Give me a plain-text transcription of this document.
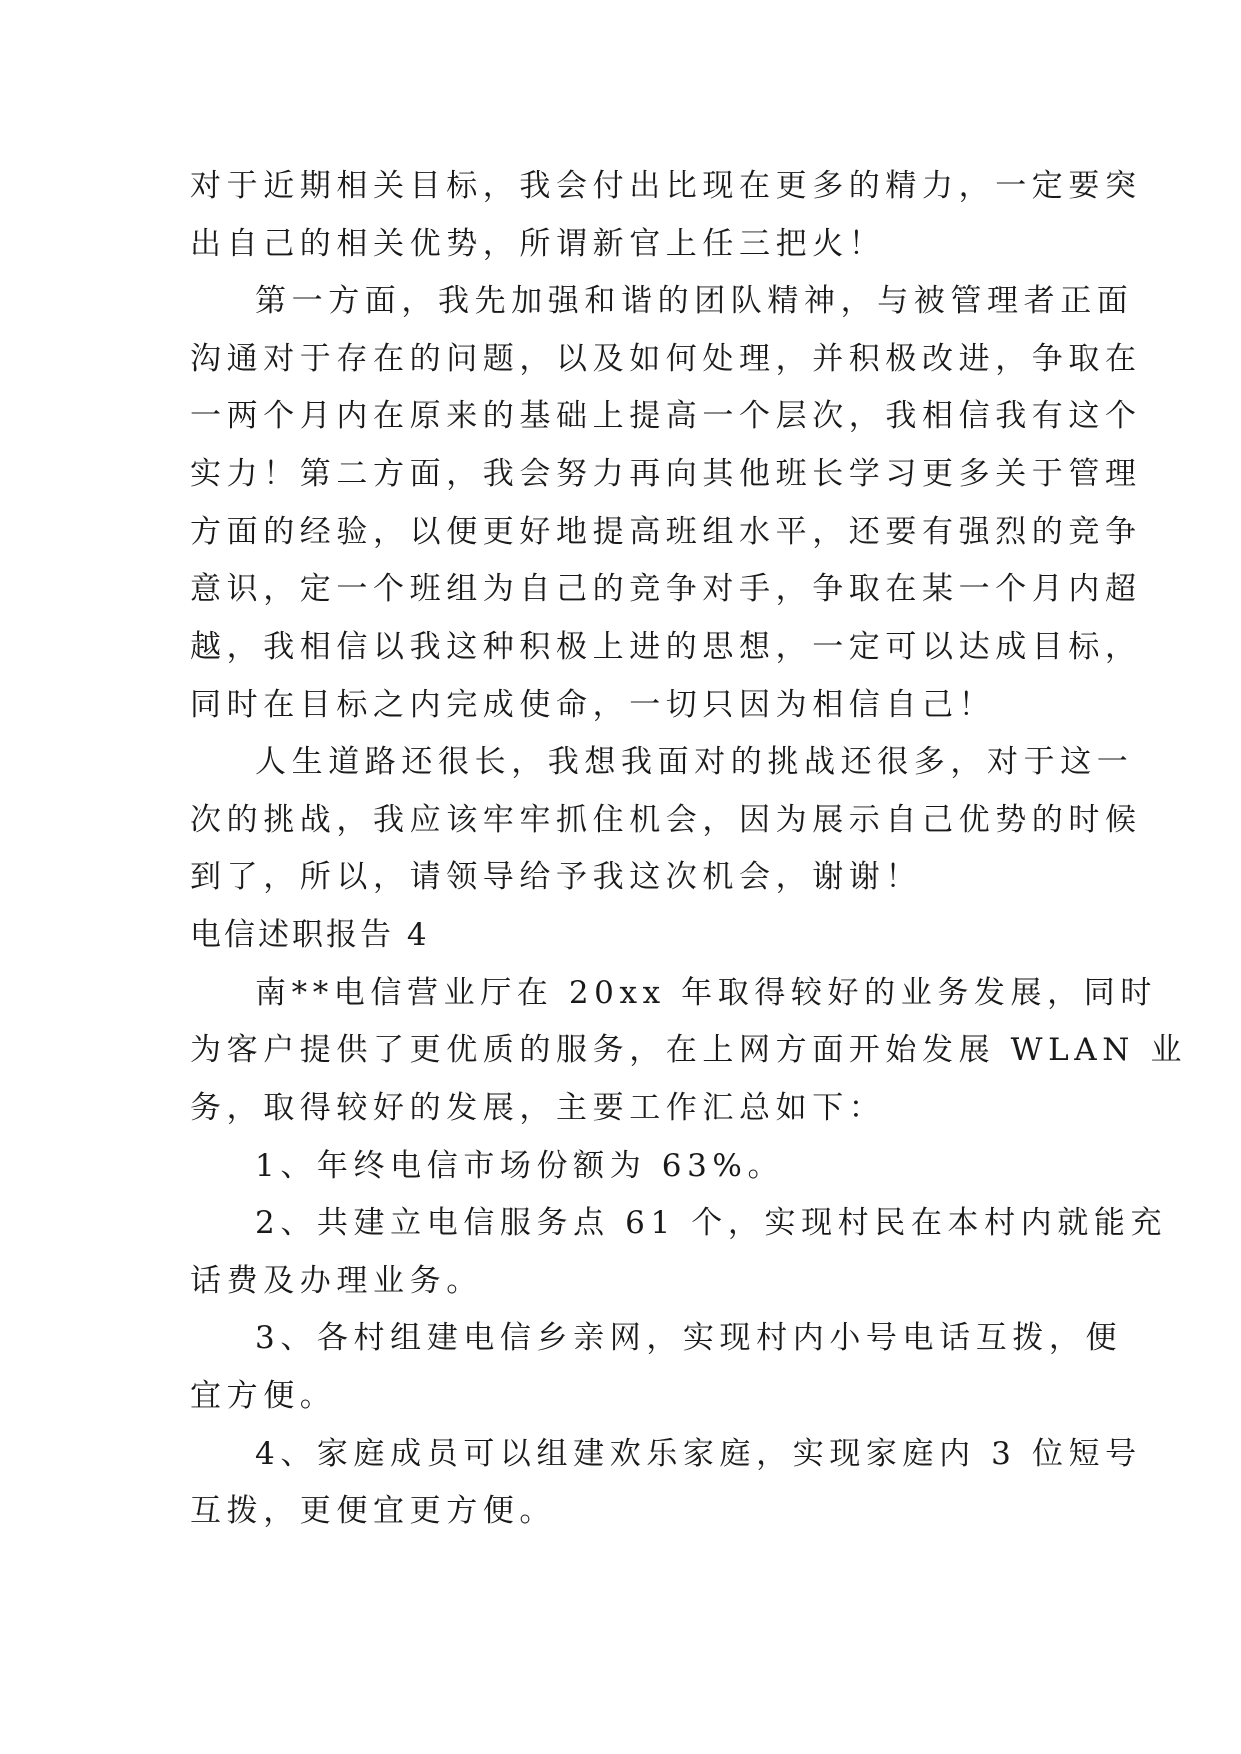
对于近期相关目标，我会付出比现在更多的精力，一定要突
出自己的相关优势，所谓新官上任三把火！
第一方面，我先加强和谐的团队精神，与被管理者正面
沟通对于存在的问题，以及如何处理，并积极改进，争取在
一两个月内在原来的基础上提高一个层次，我相信我有这个
实力！第二方面，我会努力再向其他班长学习更多关于管理
方面的经验，以便更好地提高班组水平，还要有强烈的竞争
意识，定一个班组为自己的竞争对手，争取在某一个月内超
越，我相信以我这种积极上进的思想，一定可以达成目标，
同时在目标之内完成使命，一切只因为相信自己！
人生道路还很长，我想我面对的挑战还很多，对于这一
次的挑战，我应该牢牢抓住机会，因为展示自己优势的时候
到了，所以，请领导给予我这次机会，谢谢！
电信述职报告 4
南**电信营业厅在 20xx 年取得较好的业务发展，同时
为客户提供了更优质的服务，在上网方面开始发展 WLAN 业
务，取得较好的发展，主要工作汇总如下：
1、年终电信市场份额为 63%。
2、共建立电信服务点 61 个，实现村民在本村内就能充
话费及办理业务。
3、各村组建电信乡亲网，实现村内小号电话互拨，便
宜方便。
4、家庭成员可以组建欢乐家庭，实现家庭内 3 位短号
互拨，更便宜更方便。
